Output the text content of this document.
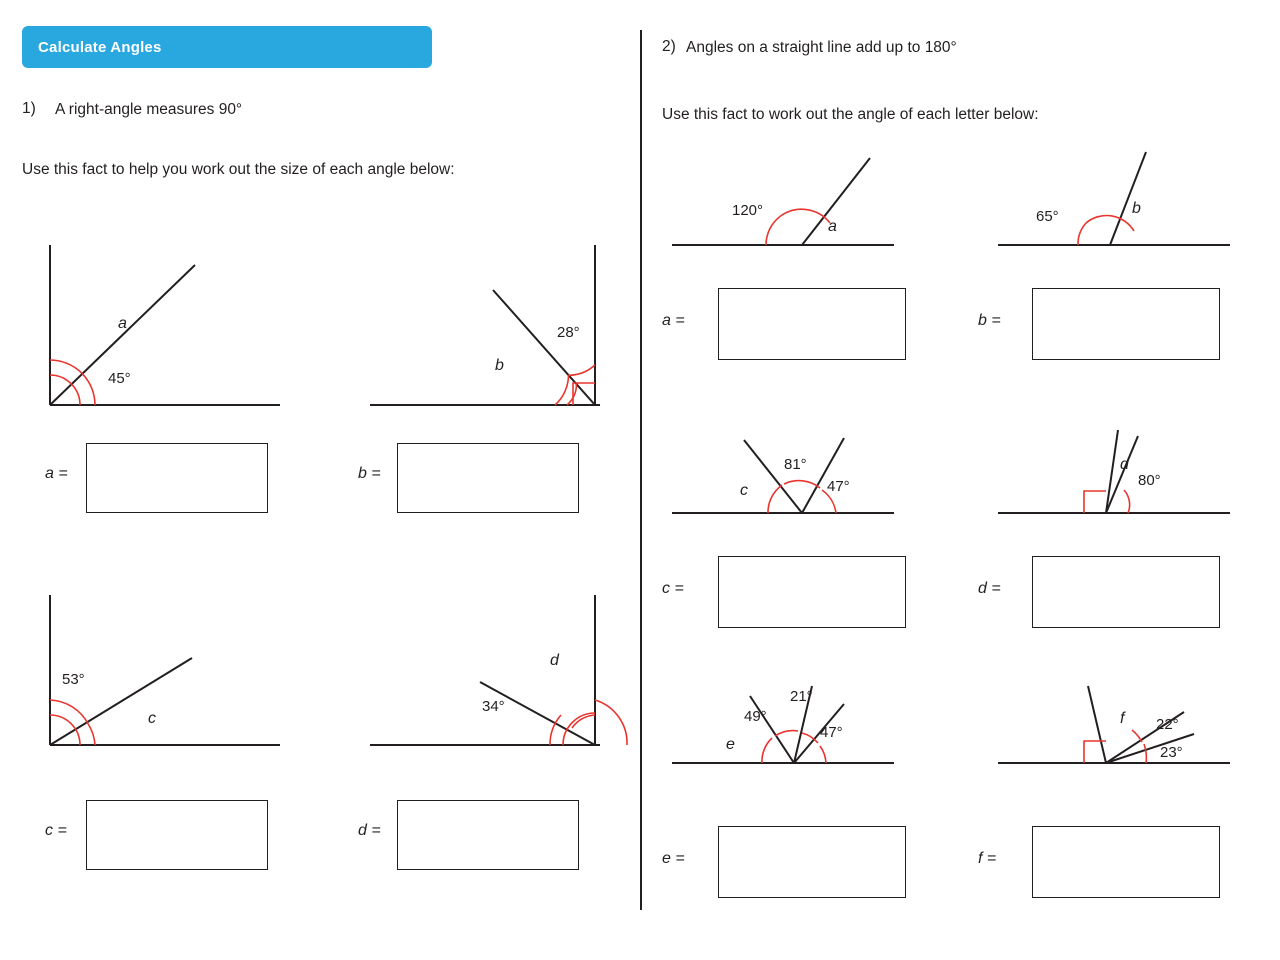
Calculate Angles
1) A right-angle measures 90°
Use this fact to help you work out the size of each angle below:
2) Angles on a straight line add up to 180°
Use this fact to work out the angle of each letter below:
a
45°
a =
28°
b
b =
53°
c
c =
d
34°
d =
120°
a
a =
65°	b
b =
81°
47°
c
c =
d
80°
d =
49°
21°
47°
e
e =
f 22°
23°
f =
